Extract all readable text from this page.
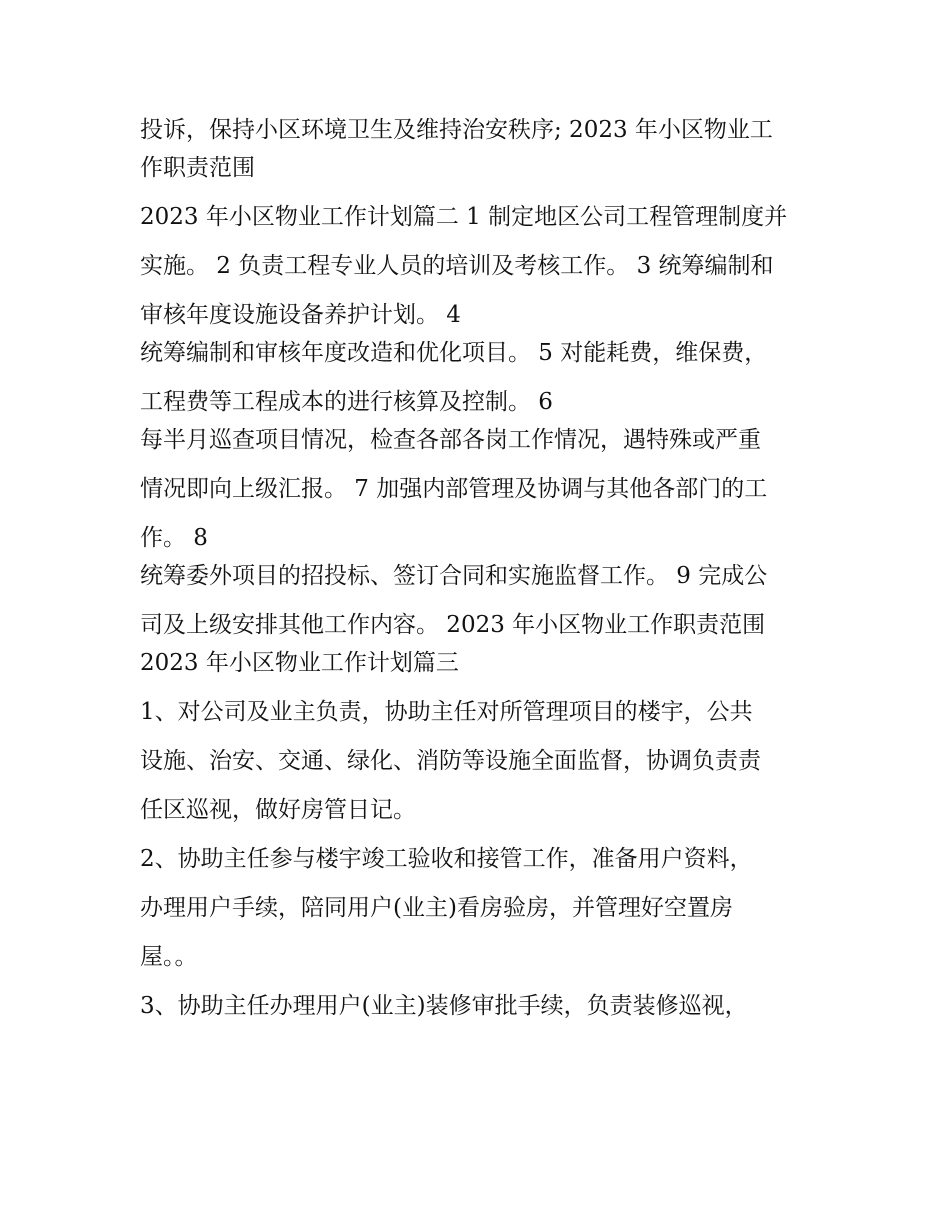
投诉，保持小区环境卫生及维持治安秩序; 2023 年小区物业工

作职责范围

2023 年小区物业工作计划篇二 1 制定地区公司工程管理制度并

实施。 2 负责工程专业人员的培训及考核工作。 3 统筹编制和

审核年度设施设备养护计划。 4

统筹编制和审核年度改造和优化项目。 5 对能耗费，维保费，

工程费等工程成本的进行核算及控制。 6

每半月巡查项目情况，检查各部各岗工作情况，遇特殊或严重

情况即向上级汇报。 7 加强内部管理及协调与其他各部门的工

作。 8

统筹委外项目的招投标、签订合同和实施监督工作。 9 完成公

司及上级安排其他工作内容。 2023 年小区物业工作职责范围

2023 年小区物业工作计划篇三

1、对公司及业主负责，协助主任对所管理项目的楼宇，公共

设施、治安、交通、绿化、消防等设施全面监督，协调负责责

任区巡视，做好房管日记。

2、协助主任参与楼宇竣工验收和接管工作，准备用户资料，

办理用户手续，陪同用户(业主)看房验房，并管理好空置房

屋。。

3、协助主任办理用户(业主)装修审批手续，负责装修巡视，
